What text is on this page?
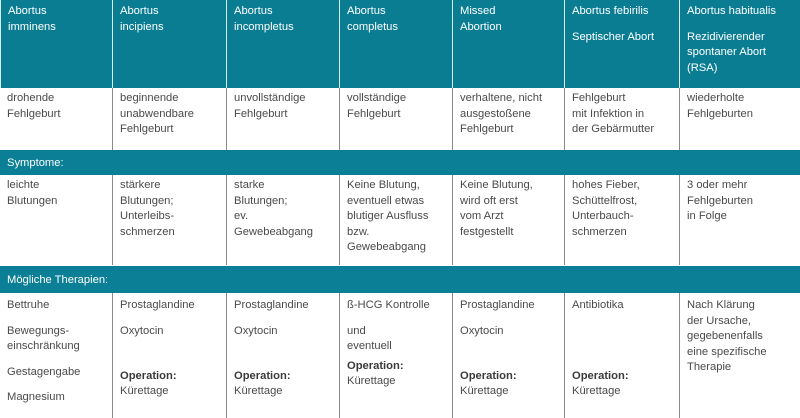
Abortus
imminens
Abortus
incipiens
Abortus
incompletus
Abortus
completus
Missed
Abortion
Abortus febirilis
Septischer Abort
Abortus habitualis
Rezidivierender
spontaner Abort
(RSA)
drohende
Fehlgeburt
beginnende
unabwendbare
Fehlgeburt
unvollständige
Fehlgeburt
vollständige
Fehlgeburt
verhaltene, nicht
ausgestoßene
Fehlgeburt
Fehlgeburt
mit Infektion in
der Gebärmutter
wiederholte
Fehlgeburten
Symptome:
leichte
Blutungen
stärkere
Blutungen;
Unterleibs-
schmerzen
starke
Blutungen;
ev.
Gewebeabgang
Keine Blutung,
eventuell etwas
blutiger Ausfluss
bzw.
Gewebeabgang
Keine Blutung,
wird oft erst
vom Arzt
festgestellt
hohes Fieber,
Schüttelfrost,
Unterbauch-
schmerzen
3 oder mehr
Fehlgeburten
in Folge
Mögliche Therapien:
Bettruhe
Bewegungs-
einschränkung
Gestagengabe
Magnesium
Prostaglandine
Oxytocin

Operation:
Kürettage
Prostaglandine
Oxytocin

Operation:
Kürettage
ß-HCG Kontrolle
und
eventuell
Operation:
Kürettage
Prostaglandine
Oxytocin

Operation:
Kürettage
Antibiotika

Operation:
Kürettage
Nach Klärung
der Ursache,
gegebenenfalls
eine spezifische
Therapie
